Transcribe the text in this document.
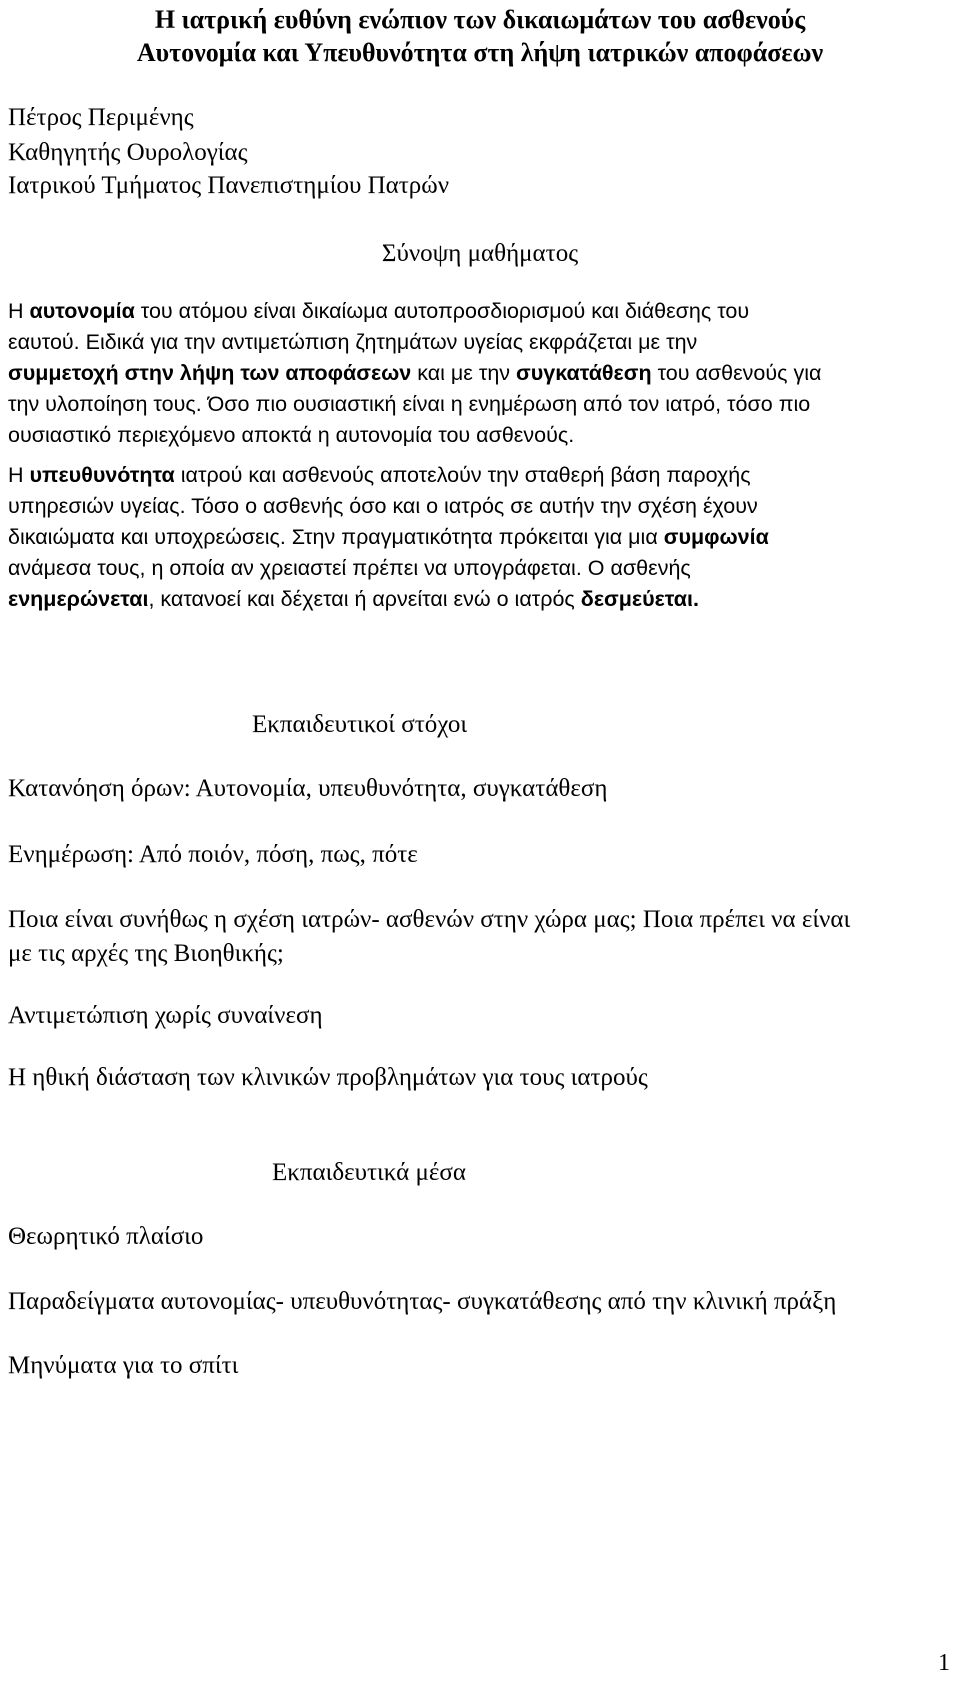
Η ιατρική ευθύνη ενώπιον των δικαιωμάτων του ασθενούς
Αυτονομία και Υπευθυνότητα στη λήψη ιατρικών αποφάσεων
Πέτρος Περιμένης
Καθηγητής Ουρολογίας
Ιατρικού Τμήματος Πανεπιστημίου Πατρών
Σύνοψη μαθήματος
Η αυτονομία του ατόμου είναι δικαίωμα αυτοπροσδιορισμού και διάθεσης του
εαυτού. Ειδικά για την αντιμετώπιση ζητημάτων υγείας εκφράζεται με την
συμμετοχή στην λήψη των αποφάσεων και με την συγκατάθεση του ασθενούς για
την υλοποίηση τους. Όσο πιο ουσιαστική είναι η ενημέρωση από τον ιατρό, τόσο πιο
ουσιαστικό περιεχόμενο αποκτά η αυτονομία του ασθενούς.
Η υπευθυνότητα ιατρού και ασθενούς αποτελούν την σταθερή βάση παροχής
υπηρεσιών υγείας. Τόσο ο ασθενής όσο και ο ιατρός σε αυτήν την σχέση έχουν
δικαιώματα και υποχρεώσεις. Στην πραγματικότητα πρόκειται για μια συμφωνία
ανάμεσα τους, η οποία αν χρειαστεί πρέπει να υπογράφεται. Ο ασθενής
ενημερώνεται, κατανοεί και δέχεται ή αρνείται ενώ ο ιατρός δεσμεύεται.
Εκπαιδευτικοί στόχοι
Κατανόηση όρων: Αυτονομία, υπευθυνότητα, συγκατάθεση
Ενημέρωση: Από ποιόν, πόση, πως, πότε
Ποια είναι συνήθως η σχέση ιατρών- ασθενών στην χώρα μας; Ποια πρέπει να είναι
με τις αρχές της Βιοηθικής;
Αντιμετώπιση χωρίς συναίνεση
Η ηθική διάσταση των κλινικών προβλημάτων για τους ιατρούς
Εκπαιδευτικά μέσα
Θεωρητικό πλαίσιο
Παραδείγματα αυτονομίας- υπευθυνότητας- συγκατάθεσης από την κλινική πράξη
Μηνύματα για το σπίτι
1
